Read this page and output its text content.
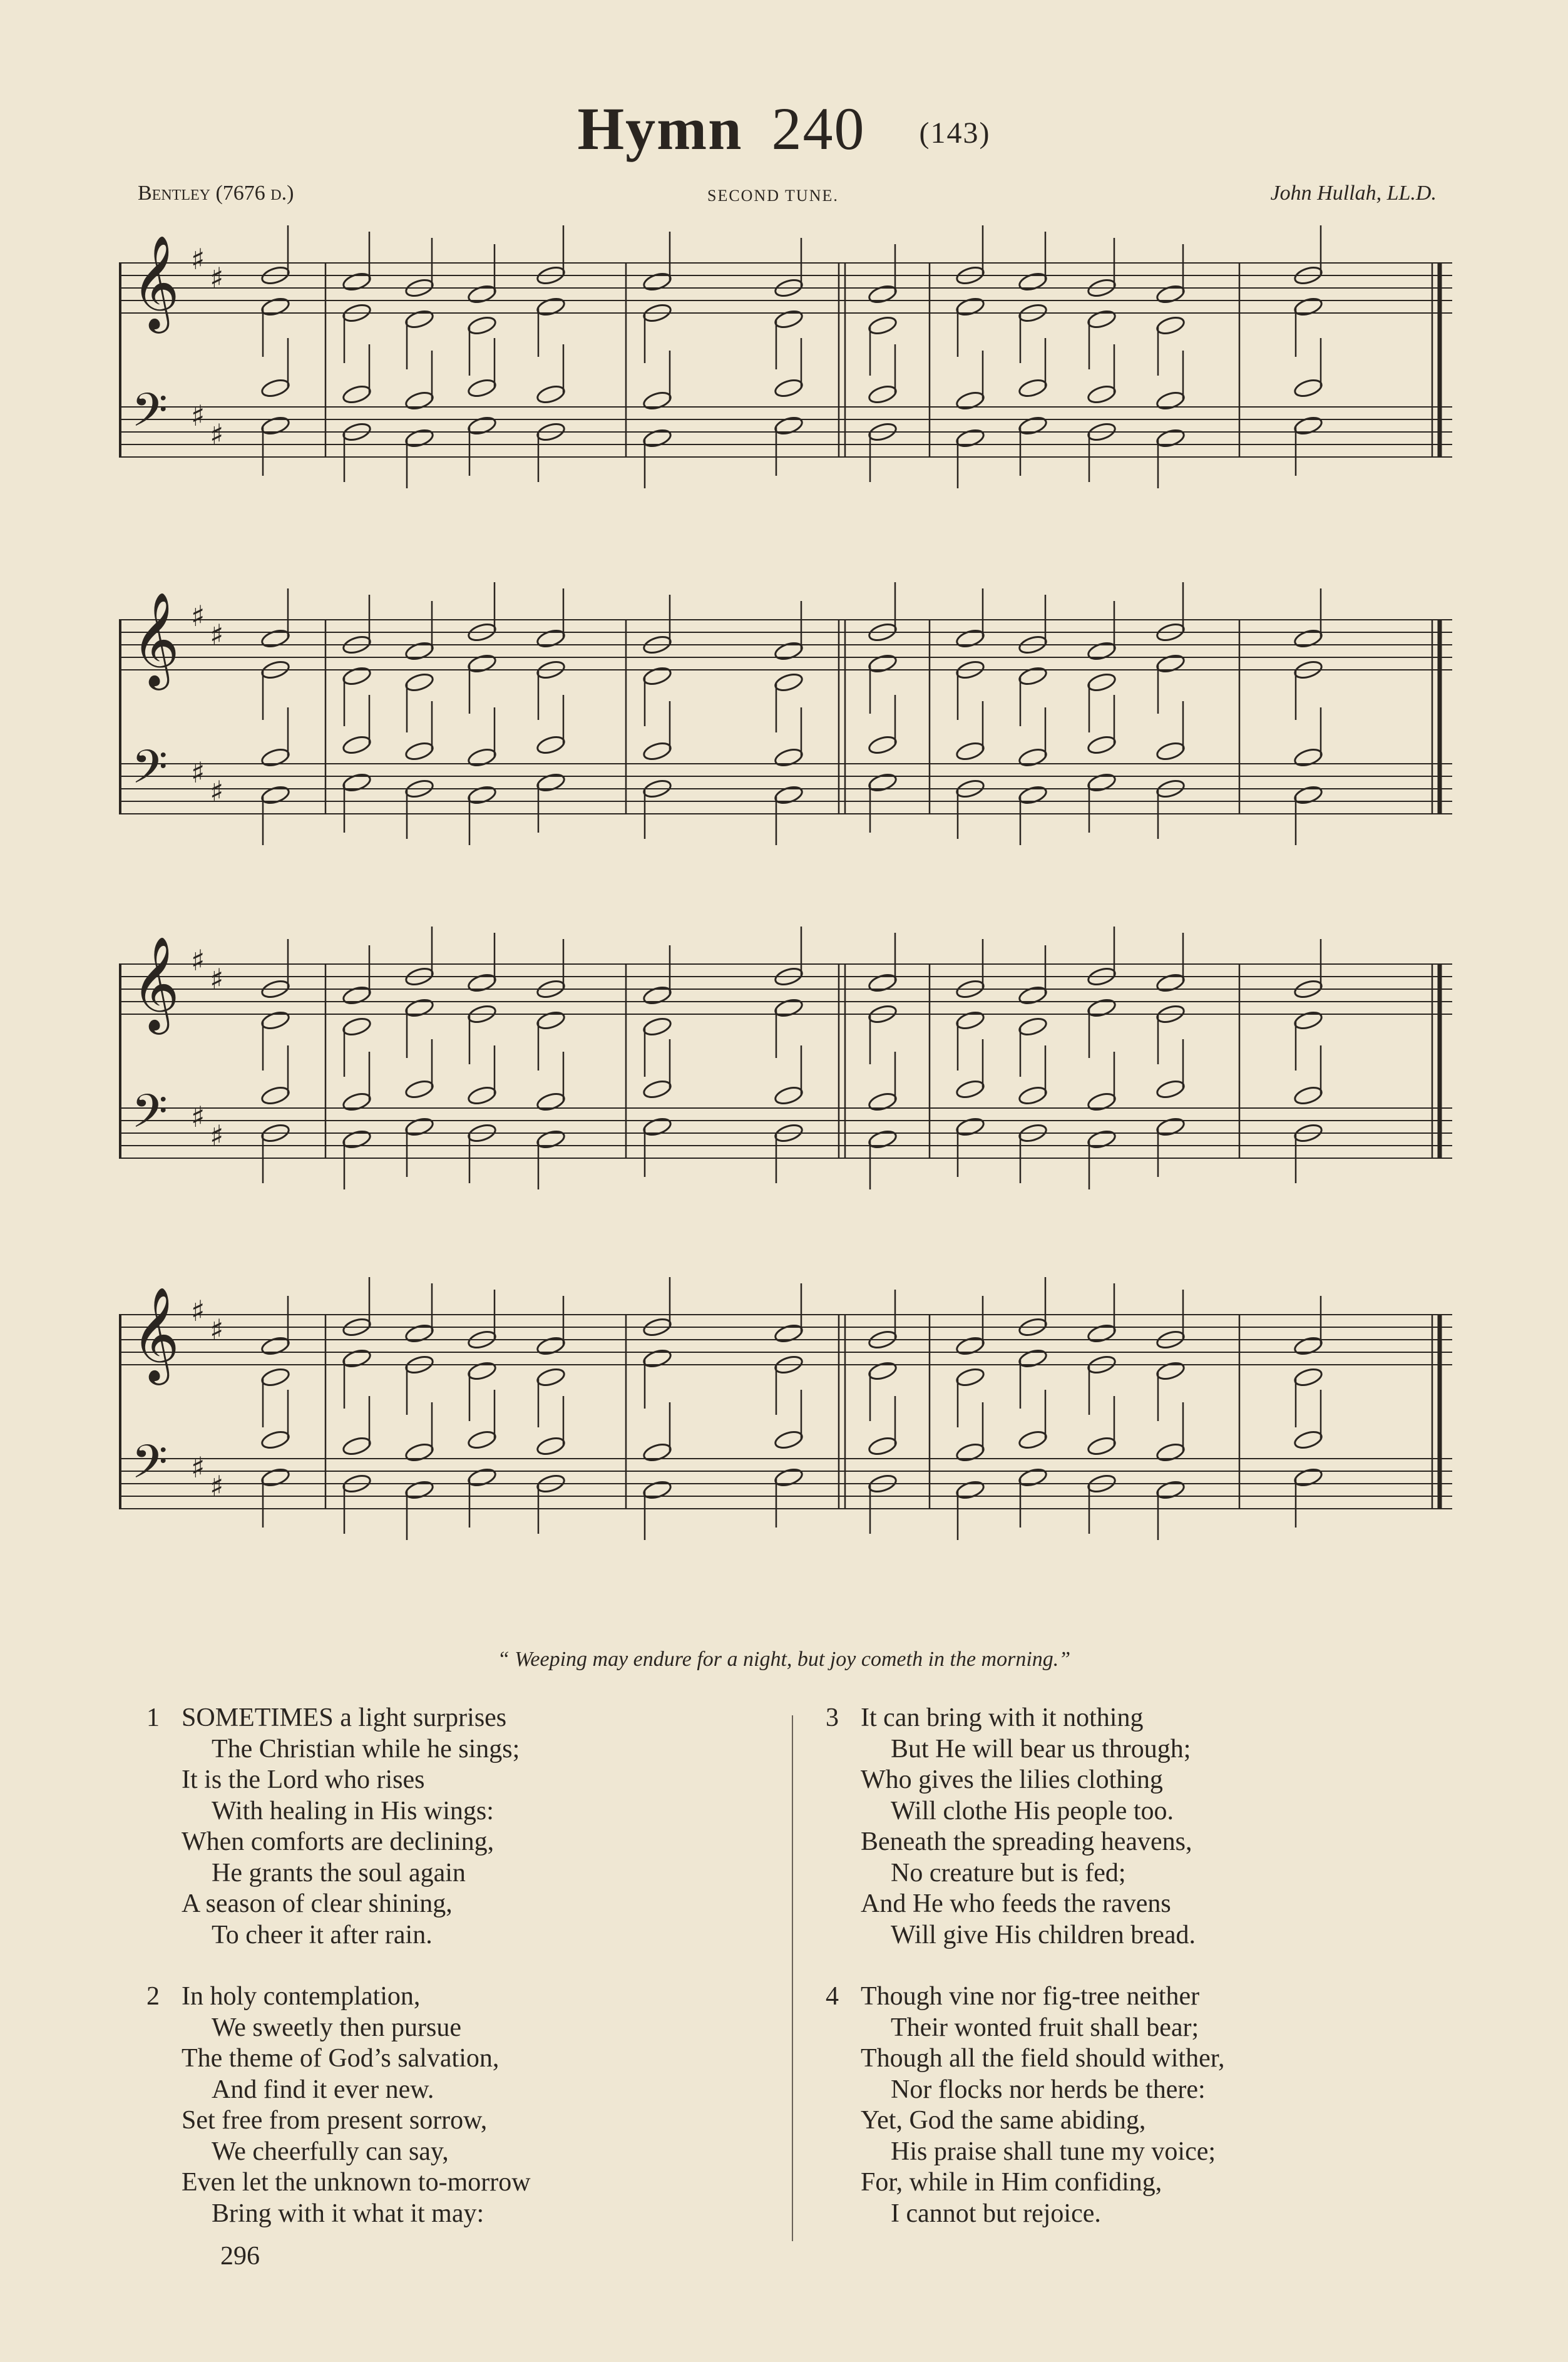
Hymn 240 (143)
Bentley (7676 d.)	SECOND TUNE.	John Hullah, LL.D.
𝄞 ♯
♯
𝄢 ♯
♯
𝄞 ♯
♯
𝄢 ♯
♯
𝄞 ♯
♯
𝄢 ♯
♯
𝄞 ♯
♯
𝄢 ♯
♯
“ Weeping may endure for a night, but joy cometh in the morning.”
1 SOMETIMES a light surprises
The Christian while he sings;
It is the Lord who rises
With healing in His wings:
When comforts are declining,
He grants the soul again
A season of clear shining,
To cheer it after rain.
2 In holy contemplation,
We sweetly then pursue
The theme of God’s salvation,
And find it ever new.
Set free from present sorrow,
We cheerfully can say,
Even let the unknown to-morrow
Bring with it what it may:
3 It can bring with it nothing
But He will bear us through;
Who gives the lilies clothing
Will clothe His people too.
Beneath the spreading heavens,
No creature but is fed;
And He who feeds the ravens
Will give His children bread.
4 Though vine nor fig-tree neither
Their wonted fruit shall bear;
Though all the field should wither,
Nor flocks nor herds be there:
Yet, God the same abiding,
His praise shall tune my voice;
For, while in Him confiding,
I cannot but rejoice.
296
